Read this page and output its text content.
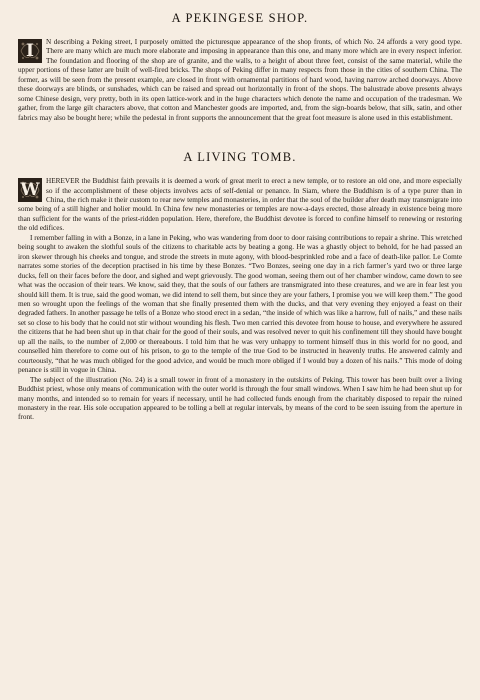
A PEKINGESE SHOP.

I	N describing a Peking street, I purposely omitted the picturesque appearance of the shop fronts, of which No. 24 affords a very good type. There are many which are much more elaborate and imposing in appearance than this one, and many more which are in every respect inferior. The foundation and flooring of the shop are of granite, and the walls, to a height of about three feet, consist of the same material, while the upper portions of these latter are built of well-fired bricks. The shops of Peking differ in many respects from those in the cities of southern China. The former, as will be seen from the present example, are closed in front with ornamental partitions of hard wood, having narrow arched doorways. Above these doorways are blinds, or sunshades, which can be raised and spread out horizontally in front of the shops. The balustrade above presents always some Chinese design, very pretty, both in its open lattice-work and in the huge characters which denote the name and occupation of the tradesman. We gather, from the large gilt characters above, that cotton and Manchester goods are imported, and, from the sign-boards below, that silk, satin, and other fabrics may also be bought here; while the pedestal in front supports the announcement that the great foot measure is alone used in this establishment.

A LIVING TOMB.

W HEREVER the Buddhist faith prevails it is deemed a work of great merit to erect a new temple, or to restore an old one, and more especially so if the accomplishment of these objects involves acts of self-denial or penance. In Siam, where the Buddhism is of a type purer than in China, the rich make it their custom to rear new temples and monasteries, in order that the soul of the builder after death may transmigrate into some being of a still higher and holier mould. In China few new monasteries or temples are now-a-days erected, those already in existence being more than sufficient for the wants of the priest-ridden population. Here, therefore, the Buddhist devotee is forced to confine himself to renewing or restoring the old edifices.

I remember falling in with a Bonze, in a lane in Peking, who was wandering from door to door raising contributions to repair a shrine. This wretched being sought to awaken the slothful souls of the citizens to charitable acts by beating a gong. He was a ghastly object to behold, for he had passed an iron skewer through his cheeks and tongue, and strode the streets in mute agony, with blood-besprinkled robe and a face of death-like pallor. Le Comte narrates some stories of the deception practised in his time by these Bonzes. “Two Bonzes, seeing one day in a rich farmer’s yard two or three large ducks, fell on their faces before the door, and sighed and wept grievously. The good woman, seeing them out of her chamber window, came down to see what was the occasion of their tears. We know, said they, that the souls of our fathers are transmigrated into these creatures, and we are in fear lest you should kill them. It is true, said the good woman, we did intend to sell them, but since they are your fathers, I promise you we will keep them.” The good men so wrought upon the feelings of the woman that she finally presented them with the ducks, and that very evening they enjoyed a feast on their degraded fathers. In another passage he tells of a Bonze who stood erect in a sedan, “the inside of which was like a harrow, full of nails,” and these nails set so close to his body that he could not stir without wounding his flesh. Two men carried this devotee from house to house, and everywhere he assured the citizens that he had been shut up in that chair for the good of their souls, and was resolved never to quit his confinement till they should have bought up all the nails, to the number of 2,000 or thereabouts. I told him that he was very unhappy to torment himself thus in this world for no good, and counselled him therefore to come out of his prison, to go to the temple of the true God to be instructed in heavenly truths. He answered calmly and courteously, “that he was much obliged for the good advice, and would be much more obliged if I would buy a dozen of his nails.” This mode of doing penance is still in vogue in China.

The subject of the illustration (No. 24) is a small tower in front of a monastery in the outskirts of Peking. This tower has been built over a living Buddhist priest, whose only means of communication with the outer world is through the four small windows. When I saw him he had been shut up for many months, and intended so to remain for years if necessary, until he had collected funds enough from the charitably disposed to repair the ruined monastery in the rear. His sole occupation appeared to be tolling a bell at regular intervals, by means of the cord to be seen issuing from the aperture in front.
